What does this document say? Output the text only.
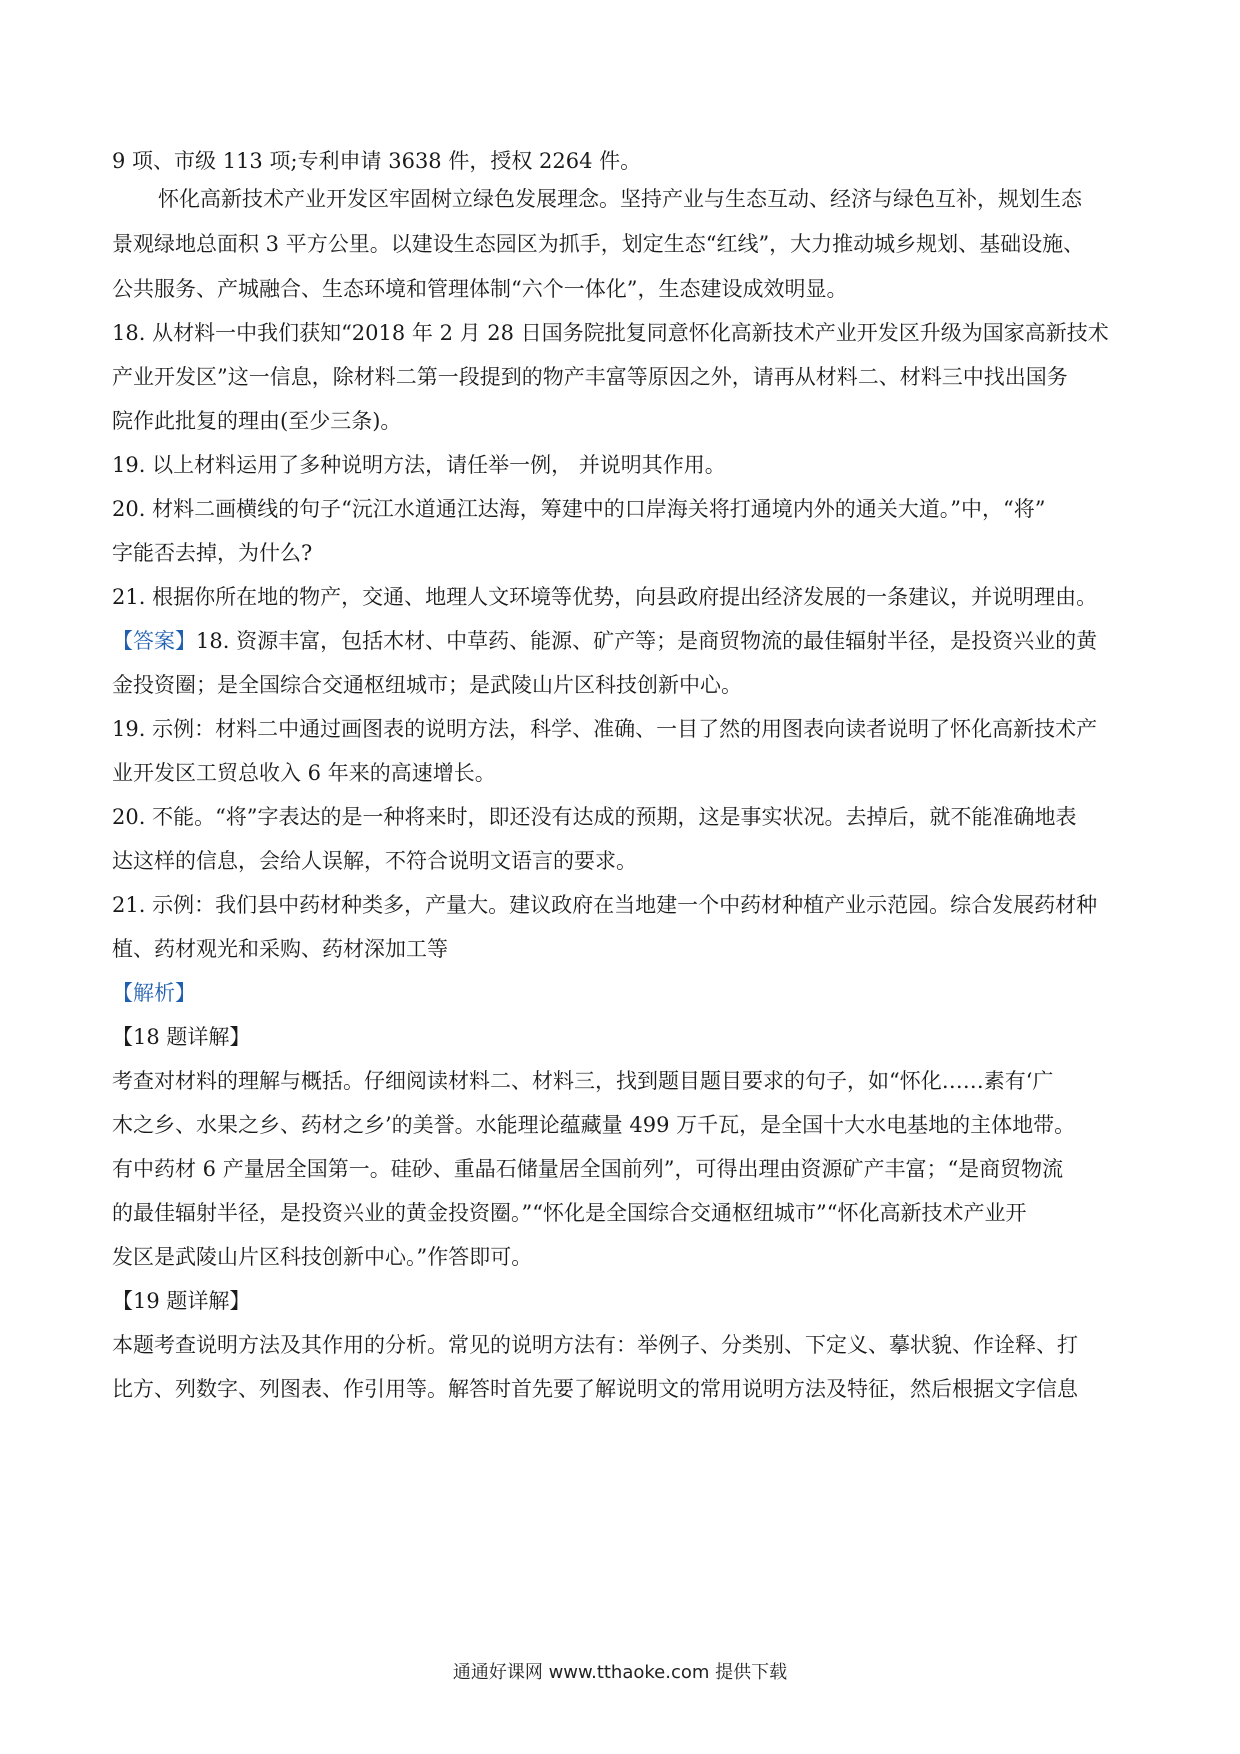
9 项、市级 113 项;专利申请 3638 件，授权 2264 件。
怀化高新技术产业开发区牢固树立绿色发展理念。坚持产业与生态互动、经济与绿色互补，规划生态
景观绿地总面积 3 平方公里。以建设生态园区为抓手，划定生态“红线”，大力推动城乡规划、基础设施、
公共服务、产城融合、生态环境和管理体制“六个一体化”，生态建设成效明显。
18. 从材料一中我们获知“2018 年 2 月 28 日国务院批复同意怀化高新技术产业开发区升级为国家高新技术
产业开发区”这一信息，除材料二第一段提到的物产丰富等原因之外，请再从材料二、材料三中找出国务
院作此批复的理由(至少三条)。
19. 以上材料运用了多种说明方法，请任举一例， 并说明其作用。
20. 材料二画横线的句子“沅江水道通江达海，筹建中的口岸海关将打通境内外的通关大道。”中，“将”
字能否去掉，为什么?
21. 根据你所在地的物产，交通、地理人文环境等优势，向县政府提出经济发展的一条建议，并说明理由。
【答案】18. 资源丰富，包括木材、中草药、能源、矿产等；是商贸物流的最佳辐射半径，是投资兴业的黄
金投资圈；是全国综合交通枢纽城市；是武陵山片区科技创新中心。
19. 示例：材料二中通过画图表的说明方法，科学、准确、一目了然的用图表向读者说明了怀化高新技术产
业开发区工贸总收入 6 年来的高速增长。
20. 不能。“将”字表达的是一种将来时，即还没有达成的预期，这是事实状况。去掉后，就不能准确地表
达这样的信息，会给人误解，不符合说明文语言的要求。
21. 示例：我们县中药材种类多，产量大。建议政府在当地建一个中药材种植产业示范园。综合发展药材种
植、药材观光和采购、药材深加工等
【解析】
【18 题详解】
考查对材料的理解与概括。仔细阅读材料二、材料三，找到题目题目要求的句子，如“怀化……素有‘广
木之乡、水果之乡、药材之乡’的美誉。水能理论蕴藏量 499 万千瓦，是全国十大水电基地的主体地带。
有中药材 6 产量居全国第一。硅砂、重晶石储量居全国前列”，可得出理由资源矿产丰富；“是商贸物流
的最佳辐射半径，是投资兴业的黄金投资圈。”“怀化是全国综合交通枢纽城市”“怀化高新技术产业开
发区是武陵山片区科技创新中心。”作答即可。
【19 题详解】
本题考查说明方法及其作用的分析。常见的说明方法有：举例子、分类别、下定义、摹状貌、作诠释、打
比方、列数字、列图表、作引用等。解答时首先要了解说明文的常用说明方法及特征，然后根据文字信息
通通好课网 www.tthaoke.com 提供下载
